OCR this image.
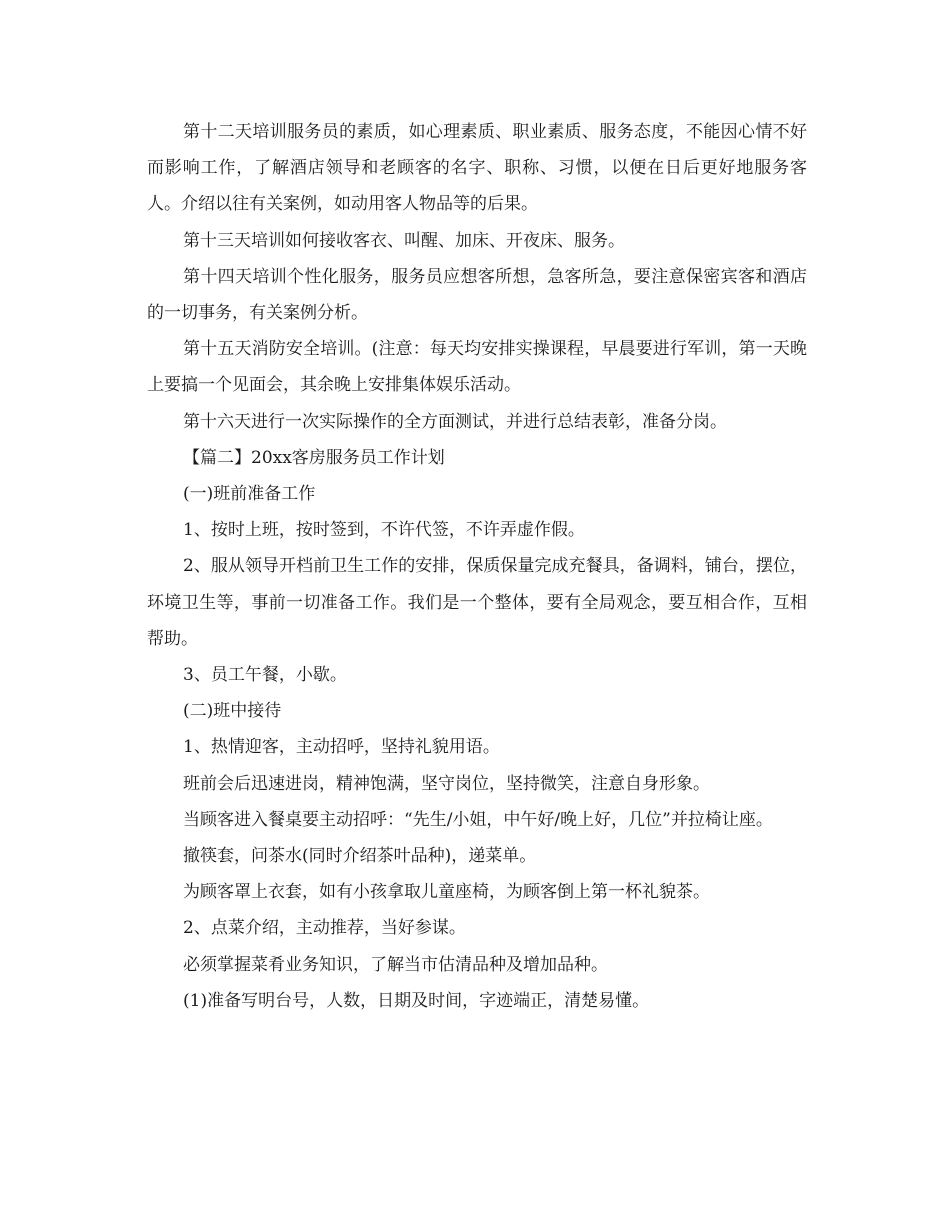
第十二天培训服务员的素质，如心理素质、职业素质、服务态度，不能因心情不好而影响工作，了解酒店领导和老顾客的名字、职称、习惯，以便在日后更好地服务客人。介绍以往有关案例，如动用客人物品等的后果。

第十三天培训如何接收客衣、叫醒、加床、开夜床、服务。

第十四天培训个性化服务，服务员应想客所想，急客所急，要注意保密宾客和酒店的一切事务，有关案例分析。

第十五天消防安全培训。(注意：每天均安排实操课程，早晨要进行军训，第一天晚上要搞一个见面会，其余晚上安排集体娱乐活动。

第十六天进行一次实际操作的全方面测试，并进行总结表彰，准备分岗。

【篇二】20xx客房服务员工作计划

(一)班前准备工作

1、按时上班，按时签到，不许代签，不许弄虚作假。

2、服从领导开档前卫生工作的安排，保质保量完成充餐具，备调料，铺台，摆位，环境卫生等，事前一切准备工作。我们是一个整体，要有全局观念，要互相合作，互相帮助。

3、员工午餐，小歇。

(二)班中接待

1、热情迎客，主动招呼，坚持礼貌用语。

班前会后迅速进岗，精神饱满，坚守岗位，坚持微笑，注意自身形象。

当顾客进入餐桌要主动招呼：“先生/小姐，中午好/晚上好，几位”并拉椅让座。

撤筷套，问茶水(同时介绍茶叶品种)，递菜单。

为顾客罩上衣套，如有小孩拿取儿童座椅，为顾客倒上第一杯礼貌茶。

2、点菜介绍，主动推荐，当好参谋。

必须掌握菜肴业务知识，了解当市估清品种及增加品种。

(1)准备写明台号，人数，日期及时间，字迹端正，清楚易懂。
